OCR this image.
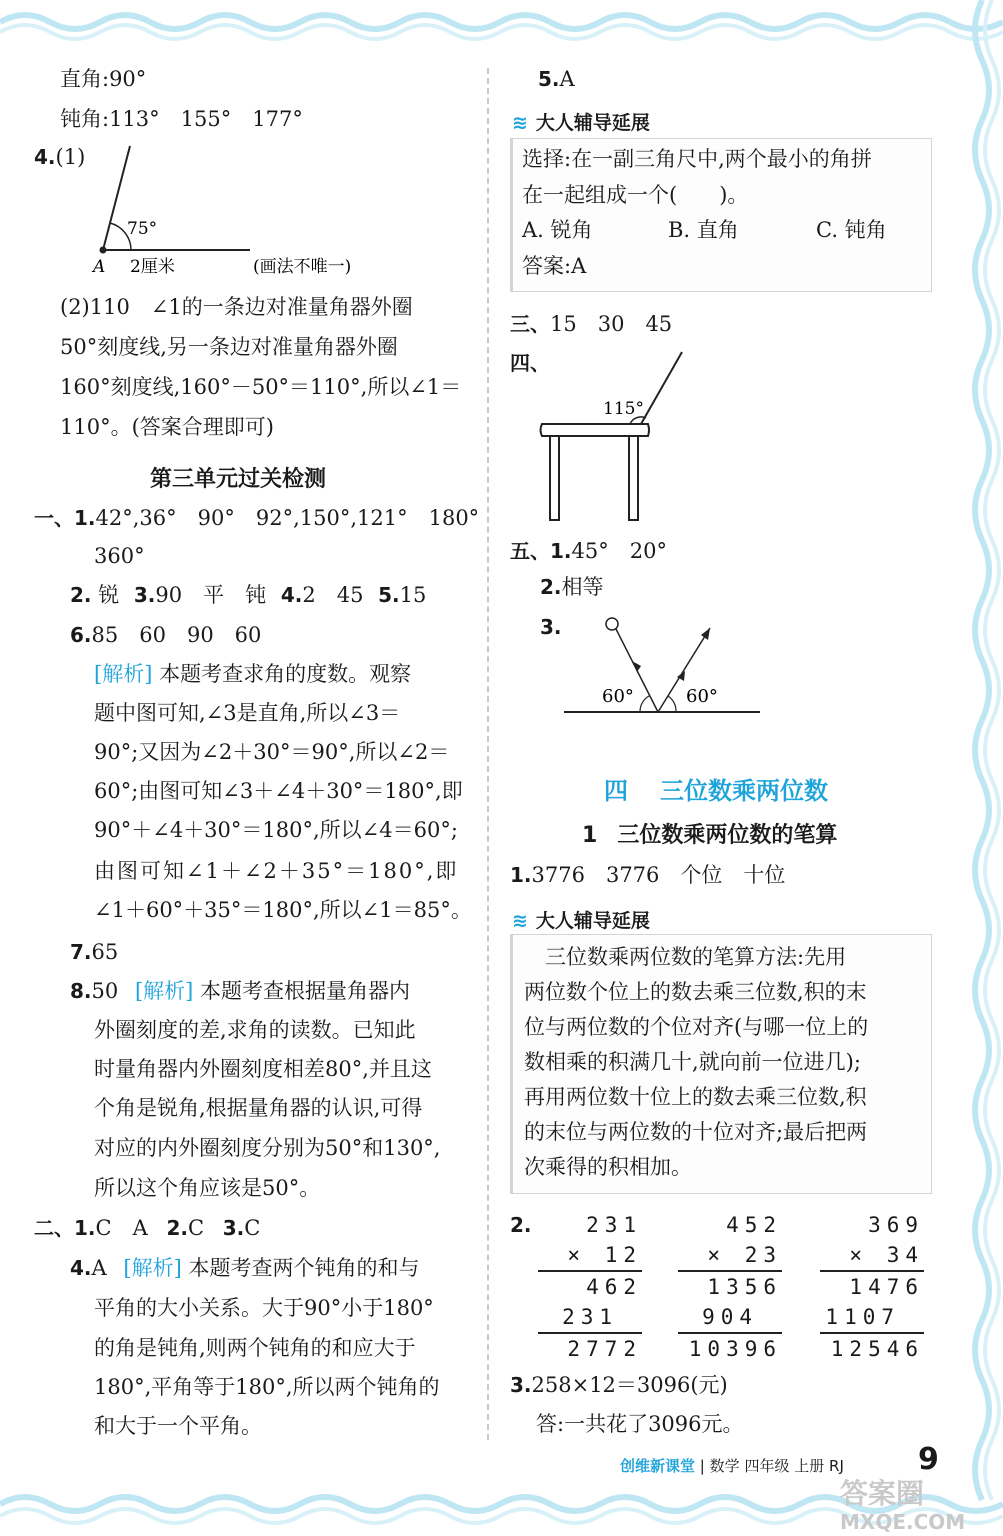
直角:90°
钝角:113°　155°　177°
4.(1)
75°
A 2厘米	(画法不唯一)
(2)110　∠1的一条边对准量角器外圈
50°刻度线,另一条边对准量角器外圈
160°刻度线,160°－50°＝110°,所以∠1＝
110°。(答案合理即可)
第三单元过关检测
一、1.42°,36°　90°　92°,150°,121°　180°
360°
2. 锐 3.90　平　钝 4.2　45 5.15
6.85　60　90　60
[解析] 本题考查求角的度数。观察
题中图可知,∠3是直角,所以∠3＝
90°;又因为∠2＋30°＝90°,所以∠2＝
60°;由图可知∠3＋∠4＋30°＝180°,即
90°＋∠4＋30°＝180°,所以∠4＝60°;
由图可知∠1＋∠2＋35°＝180°,即
∠1＋60°＋35°＝180°,所以∠1＝85°。
7.65
8.50 [解析] 本题考查根据量角器内
外圈刻度的差,求角的读数。已知此
时量角器内外圈刻度相差80°,并且这
个角是锐角,根据量角器的认识,可得
对应的内外圈刻度分别为50°和130°,
所以这个角应该是50°。
二、1.C　A 2.C 3.C
4.A [解析] 本题考查两个钝角的和与
平角的大小关系。大于90°小于180°
的角是钝角,则两个钝角的和应大于
180°,平角等于180°,所以两个钝角的
和大于一个平角。
5.A
≋ 大人辅导延展
选择:在一副三角尺中,两个最小的角拼
在一起组成一个(　　)。
A. 锐角	B. 直角	C. 钝角
答案:A
三、15　30　45
四、
115°
五、1.45°　20°
2.相等
3.
60°	60°
四 三位数乘两位数
1 三位数乘两位数的笔算
1.3776　3776　个位　十位
≋ 大人辅导延展
　三位数乘两位数的笔算方法:先用
两位数个位上的数去乘三位数,积的末
位与两位数的个位对齐(与哪一位上的
数相乘的积满几十,就向前一位进几);
再用两位数十位上的数去乘三位数,积
的末位与两位数的十位对齐;最后把两
次乘得的积相加。
2.	231
× 12
462
231
2772
452
× 23
1356
904
10396
369
× 34
1476
1107
12546
3.258×12＝3096(元)
答:一共花了3096元。
创维新课堂 | 数学 四年级 上册 RJ 9
答案圈
MXQE.COM
